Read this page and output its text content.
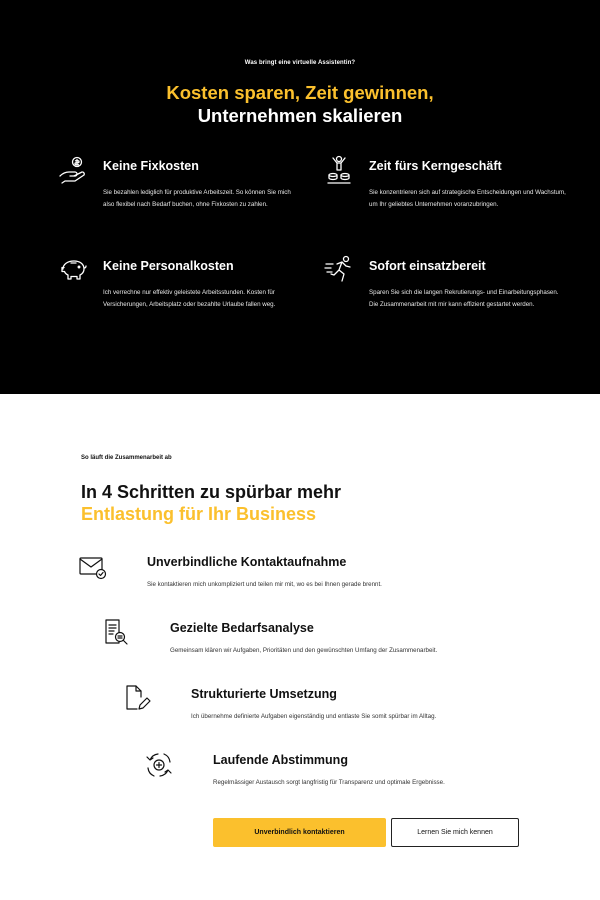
Was bringt eine virtuelle Assistentin?
Kosten sparen, Zeit gewinnen,
Unternehmen skalieren
Keine Fixkosten
Sie bezahlen lediglich für produktive Arbeitszeit. So können Sie mich also flexibel nach Bedarf buchen, ohne Fixkosten zu zahlen.
Zeit fürs Kerngeschäft
Sie konzentrieren sich auf strategische Entscheidungen und Wachstum, um Ihr geliebtes Unternehmen voranzubringen.
Keine Personalkosten
Ich verrechne nur effektiv geleistete Arbeitsstunden. Kosten für Versicherungen, Arbeitsplatz oder bezahlte Urlaube fallen weg.
Sofort einsatzbereit
Sparen Sie sich die langen Rekrutierungs- und Einarbeitungsphasen. Die Zusammenarbeit mit mir kann effizient gestartet werden.
So läuft die Zusammenarbeit ab
In 4 Schritten zu spürbar mehr
Entlastung für Ihr Business
Unverbindliche Kontaktaufnahme
Sie kontaktieren mich unkompliziert und teilen mir mit, wo es bei Ihnen gerade brennt.
Gezielte Bedarfsanalyse
Gemeinsam klären wir Aufgaben, Prioritäten und den gewünschten Umfang der Zusammenarbeit.
Strukturierte Umsetzung
Ich übernehme definierte Aufgaben eigenständig und entlaste Sie somit spürbar im Alltag.
Laufende Abstimmung
Regelmässiger Austausch sorgt langfristig für Transparenz und optimale Ergebnisse.
Unverbindlich kontaktieren	Lernen Sie mich kennen
